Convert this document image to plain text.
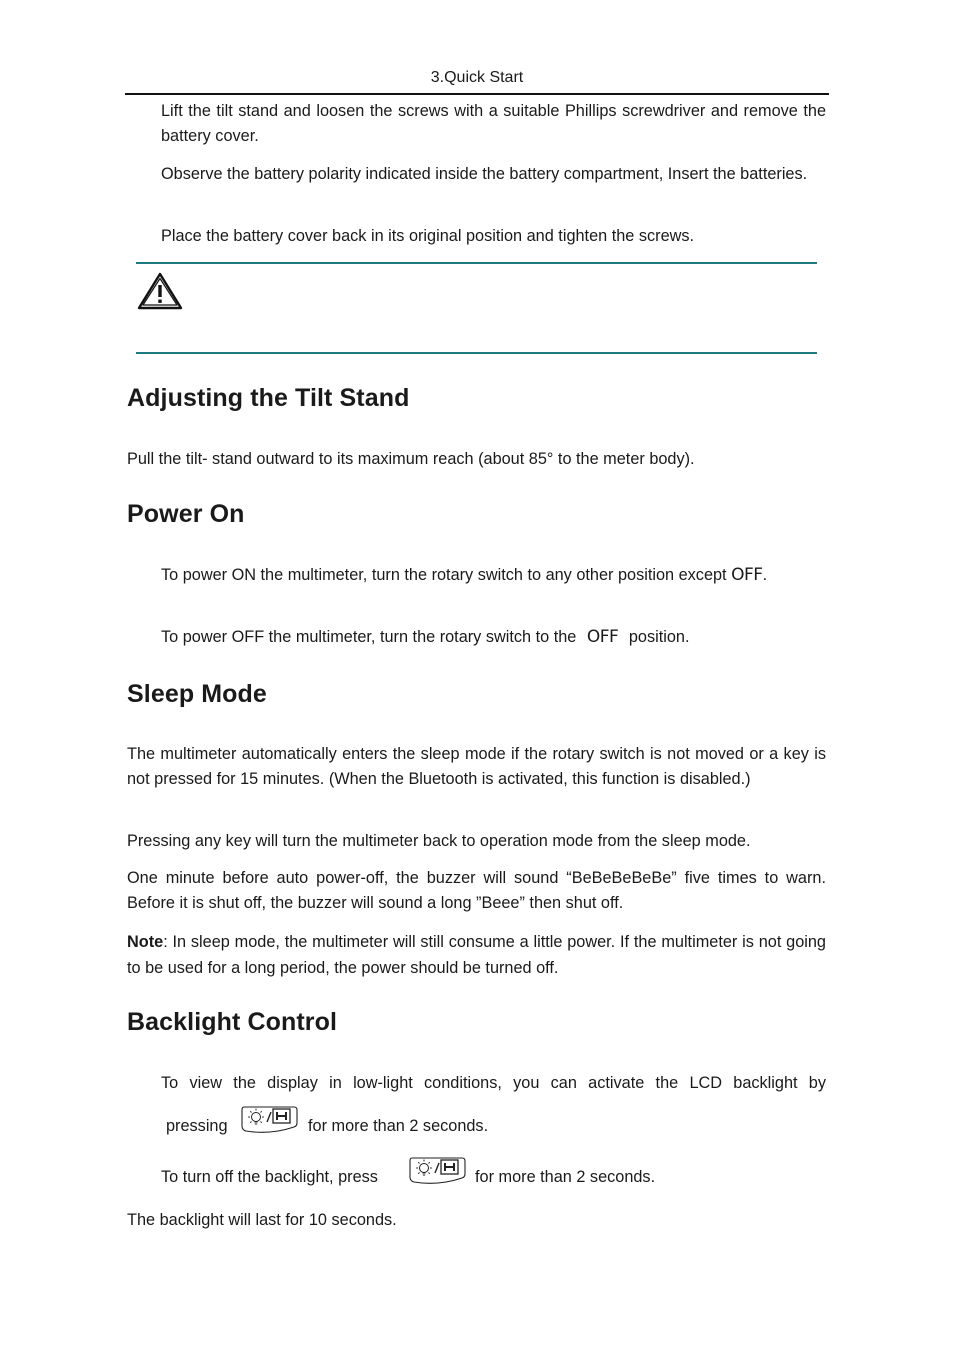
3.Quick Start
Lift the tilt stand and loosen the screws with a suitable Phillips screwdriver and remove the battery cover.
Observe the battery polarity indicated inside the battery compartment, Insert the batteries.
Place the battery cover back in its original position and tighten the screws.
Adjusting the Tilt Stand
Pull the tilt- stand outward to its maximum reach (about 85° to the meter body).
Power On
To power ON the multimeter, turn the rotary switch to any other position except OFF.
To power OFF the multimeter, turn the rotary switch to the OFF position.
Sleep Mode
The multimeter automatically enters the sleep mode if the rotary switch is not moved or a key is not pressed for 15 minutes. (When the Bluetooth is activated, this function is disabled.)
Pressing any key will turn the multimeter back to operation mode from the sleep mode.
One minute before auto power-off, the buzzer will sound “BeBeBeBeBe” five times to warn. Before it is shut off, the buzzer will sound a long ”Beee” then shut off.
Note: In sleep mode, the multimeter will still consume a little power. If the multimeter is not going to be used for a long period, the power should be turned off.
Backlight Control
To view the display in low-light conditions, you can activate the LCD backlight by
pressing	for more than 2 seconds.
To turn off the backlight, press	for more than 2 seconds.
The backlight will last for 10 seconds.
